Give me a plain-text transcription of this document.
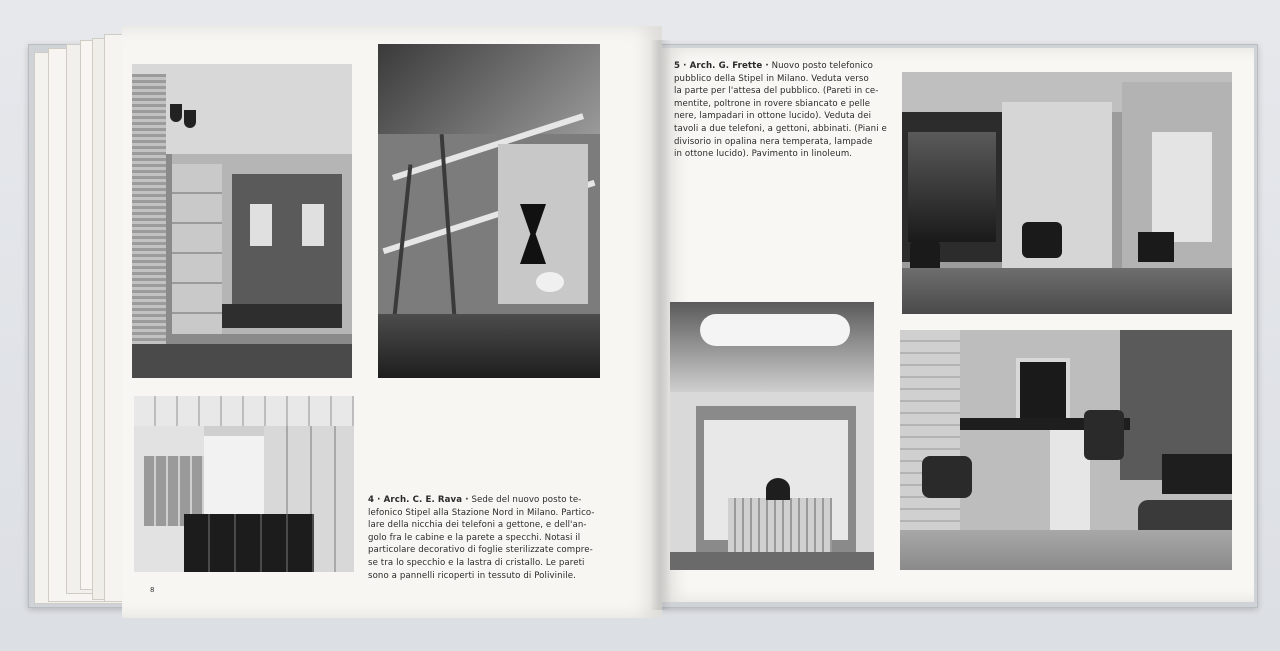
4 · Arch. C. E. Rava · Sede del nuovo posto te-
lefonico Stipel alla Stazione Nord in Milano. Partico-
lare della nicchia dei telefoni a gettone, e dell'an-
golo fra le cabine e la parete a specchi. Notasi il
particolare decorativo di foglie sterilizzate compre-
se tra lo specchio e la lastra di cristallo. Le pareti
sono a pannelli ricoperti in tessuto di Polivinile.
8
5 · Arch. G. Frette · Nuovo posto telefonico
pubblico della Stipel in Milano. Veduta verso
la parte per l'attesa del pubblico. (Pareti in ce-
mentite, poltrone in rovere sbiancato e pelle
nere, lampadari in ottone lucido). Veduta dei
tavoli a due telefoni, a gettoni, abbinati. (Piani e
divisorio in opalina nera temperata, lampade
in ottone lucido). Pavimento in linoleum.
